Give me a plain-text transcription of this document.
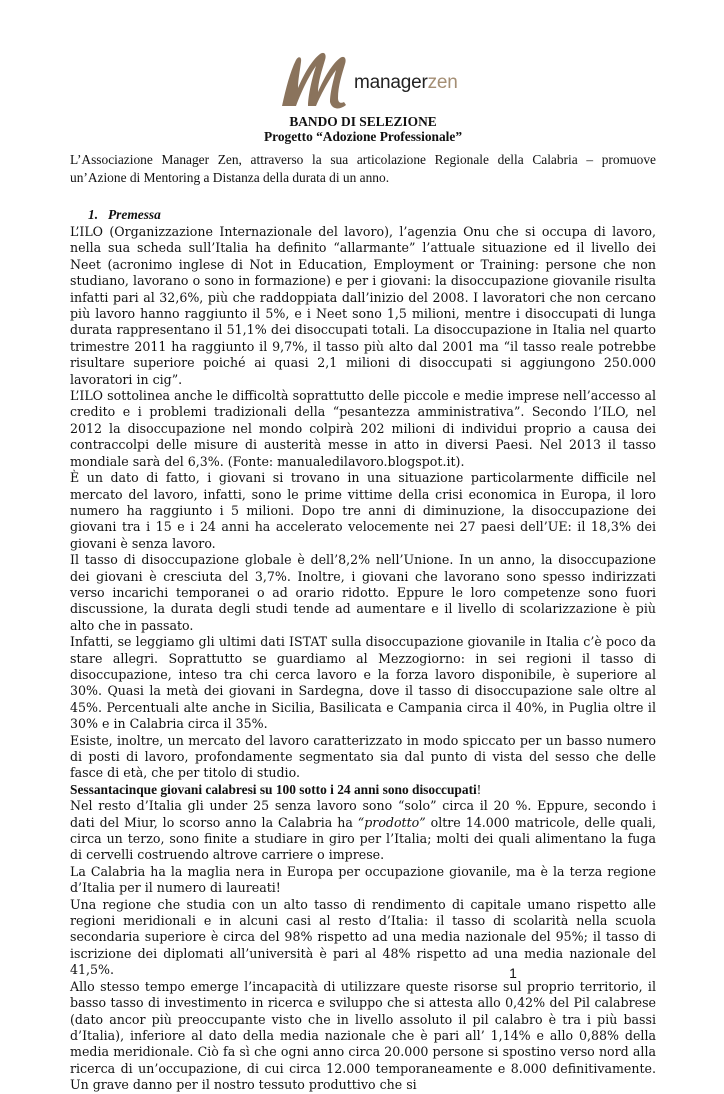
managerzen
BANDO DI SELEZIONE
Progetto “Adozione Professionale”
L’Associazione Manager Zen, attraverso la sua articolazione Regionale della Calabria – promuove un’Azione di Mentoring a Distanza della durata di un anno.
1. Premessa

L’ILO (Organizzazione Internazionale del lavoro), l’agenzia Onu che si occupa di lavoro, nella sua scheda sull’Italia ha definito “allarmante” l’attuale situazione ed il livello dei Neet (acronimo inglese di Not in Education, Employment or Training: persone che non studiano, lavorano o sono in formazione) e per i giovani: la disoccupazione giovanile risulta infatti pari al 32,6%, più che raddoppiata dall’inizio del 2008. I lavoratori che non cercano più lavoro hanno raggiunto il 5%, e i Neet sono 1,5 milioni, mentre i disoccupati di lunga durata rappresentano il 51,1% dei disoccupati totali. La disoccupazione in Italia nel quarto trimestre 2011 ha raggiunto il 9,7%, il tasso più alto dal 2001 ma “il tasso reale potrebbe risultare superiore poiché ai quasi 2,1 milioni di disoccupati si aggiungono 250.000 lavoratori in cig”.

L’ILO sottolinea anche le difficoltà soprattutto delle piccole e medie imprese nell’accesso al credito e i problemi tradizionali della “pesantezza amministrativa”. Secondo l’ILO, nel 2012 la disoccupazione nel mondo colpirà 202 milioni di individui proprio a causa dei contraccolpi delle misure di austerità messe in atto in diversi Paesi. Nel 2013 il tasso mondiale sarà del 6,3%. (Fonte: manualedilavoro.blogspot.it).

È un dato di fatto, i giovani si trovano in una situazione particolarmente difficile nel mercato del lavoro, infatti, sono le prime vittime della crisi economica in Europa, il loro numero ha raggiunto i 5 milioni. Dopo tre anni di diminuzione, la disoccupazione dei giovani tra i 15 e i 24 anni ha accelerato velocemente nei 27 paesi dell’UE: il 18,3% dei giovani è senza lavoro.

Il tasso di disoccupazione globale è dell’8,2% nell’Unione. In un anno, la disoccupazione dei giovani è cresciuta del 3,7%. Inoltre, i giovani che lavorano sono spesso indirizzati verso incarichi temporanei o ad orario ridotto. Eppure le loro competenze sono fuori discussione, la durata degli studi tende ad aumentare e il livello di scolarizzazione è più alto che in passato.

Infatti, se leggiamo gli ultimi dati ISTAT sulla disoccupazione giovanile in Italia c’è poco da stare allegri. Soprattutto se guardiamo al Mezzogiorno: in sei regioni il tasso di disoccupazione, inteso tra chi cerca lavoro e la forza lavoro disponibile, è superiore al 30%. Quasi la metà dei giovani in Sardegna, dove il tasso di disoccupazione sale oltre al 45%. Percentuali alte anche in Sicilia, Basilicata e Campania circa il 40%, in Puglia oltre il 30% e in Calabria circa il 35%.

Esiste, inoltre, un mercato del lavoro caratterizzato in modo spiccato per un basso numero di posti di lavoro, profondamente segmentato sia dal punto di vista del sesso che delle fasce di età, che per titolo di studio.

Sessantacinque giovani calabresi su 100 sotto i 24 anni sono disoccupati!

Nel resto d’Italia gli under 25 senza lavoro sono “solo” circa il 20 %. Eppure, secondo i dati del Miur, lo scorso anno la Calabria ha “prodotto” oltre 14.000 matricole, delle quali, circa un terzo, sono finite a studiare in giro per l’Italia; molti dei quali alimentano la fuga di cervelli costruendo altrove carriere o imprese.

La Calabria ha la maglia nera in Europa per occupazione giovanile, ma è la terza regione d’Italia per il numero di laureati!

Una regione che studia con un alto tasso di rendimento di capitale umano rispetto alle regioni meridionali e in alcuni casi al resto d’Italia: il tasso di scolarità nella scuola secondaria superiore è circa del 98% rispetto ad una media nazionale del 95%; il tasso di iscrizione dei diplomati all’università è pari al 48% rispetto ad una media nazionale del 41,5%.

Allo stesso tempo emerge l’incapacità di utilizzare queste risorse sul proprio territorio, il basso tasso di investimento in ricerca e sviluppo che si attesta allo 0,42% del Pil calabrese (dato ancor più preoccupante visto che in livello assoluto il pil calabro è tra i più bassi d’Italia), inferiore al dato della media nazionale che è pari all’ 1,14% e allo 0,88% della media meridionale. Ciò fa sì che ogni anno circa 20.000 persone si spostino verso nord alla ricerca di un’occupazione, di cui circa 12.000 temporaneamente e 8.000 definitivamente. Un grave danno per il nostro tessuto produttivo che si

1
